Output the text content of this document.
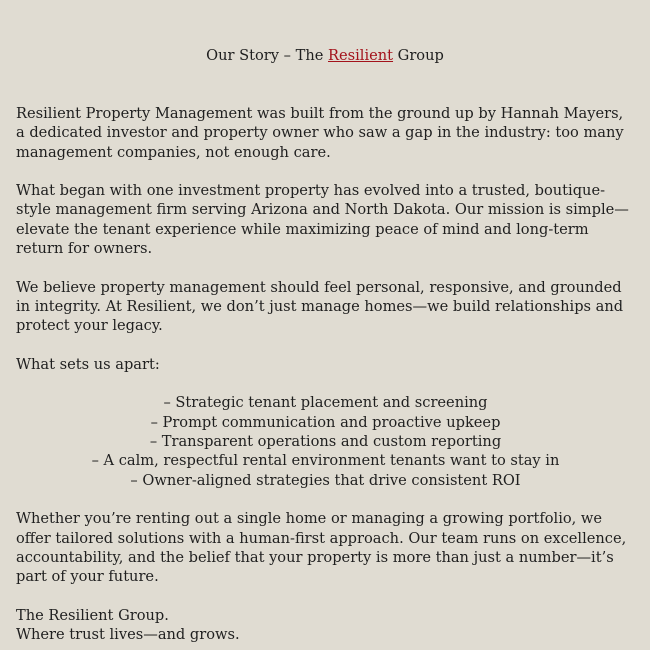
Our Story – The Resilient Group

Resilient Property Management was built from the ground up by Hannah Mayers, a dedicated investor and property owner who saw a gap in the industry: too many management companies, not enough care.

What began with one investment property has evolved into a trusted, boutique-style management firm serving Arizona and North Dakota. Our mission is simple—elevate the tenant experience while maximizing peace of mind and long-term return for owners.

We believe property management should feel personal, responsive, and grounded in integrity. At Resilient, we don’t just manage homes—we build relationships and protect your legacy.

What sets us apart:

– Strategic tenant placement and screening
– Prompt communication and proactive upkeep
– Transparent operations and custom reporting
– A calm, respectful rental environment tenants want to stay in
– Owner-aligned strategies that drive consistent ROI

Whether you’re renting out a single home or managing a growing portfolio, we offer tailored solutions with a human-first approach. Our team runs on excellence, accountability, and the belief that your property is more than just a number—it’s part of your future.

The Resilient Group.

Where trust lives—and grows.
